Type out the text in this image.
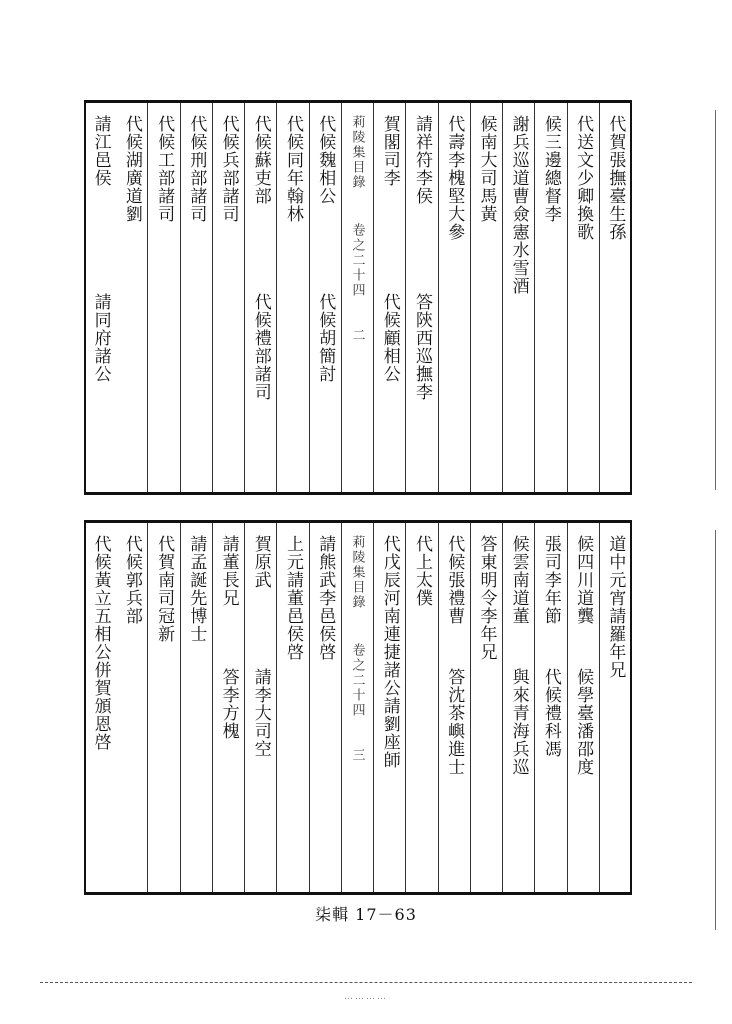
代賀張撫臺生孫
代送文少卿換歌
候三邊總督李
謝兵巡道曹僉憲水雪酒
候南大司馬黃
代壽李槐堅大參
請祥符李侯
答陝西巡撫李
賀閣司李
代候顧相公
莉陵集目錄
卷之二十四
二
代候魏相公
代候胡簡討
代候同年翰林
代候蘇吏部
代候禮部諸司
代候兵部諸司
代候刑部諸司
代候工部諸司
代候湖廣道劉
請江邑侯
請同府諸公
道中元宵請羅年兄
候四川道龔
候學臺潘邵度
張司李年節
代候禮科馮
候雲南道董
與來青海兵巡
答東明令李年兄
代候張禮曹
答沈茶嶼進士
代上太僕
代戊辰河南連捷諸公請劉座師
莉陵集目錄
卷之二十四
三
請熊武李邑侯啓
上元請董邑侯啓
賀原武
請李大司空
請董長兄
答李方槐
請孟誕先博士
代賀南司冠新
代候郭兵部
代候黃立五相公併賀頒恩啓
柒輯 17－63
…………
